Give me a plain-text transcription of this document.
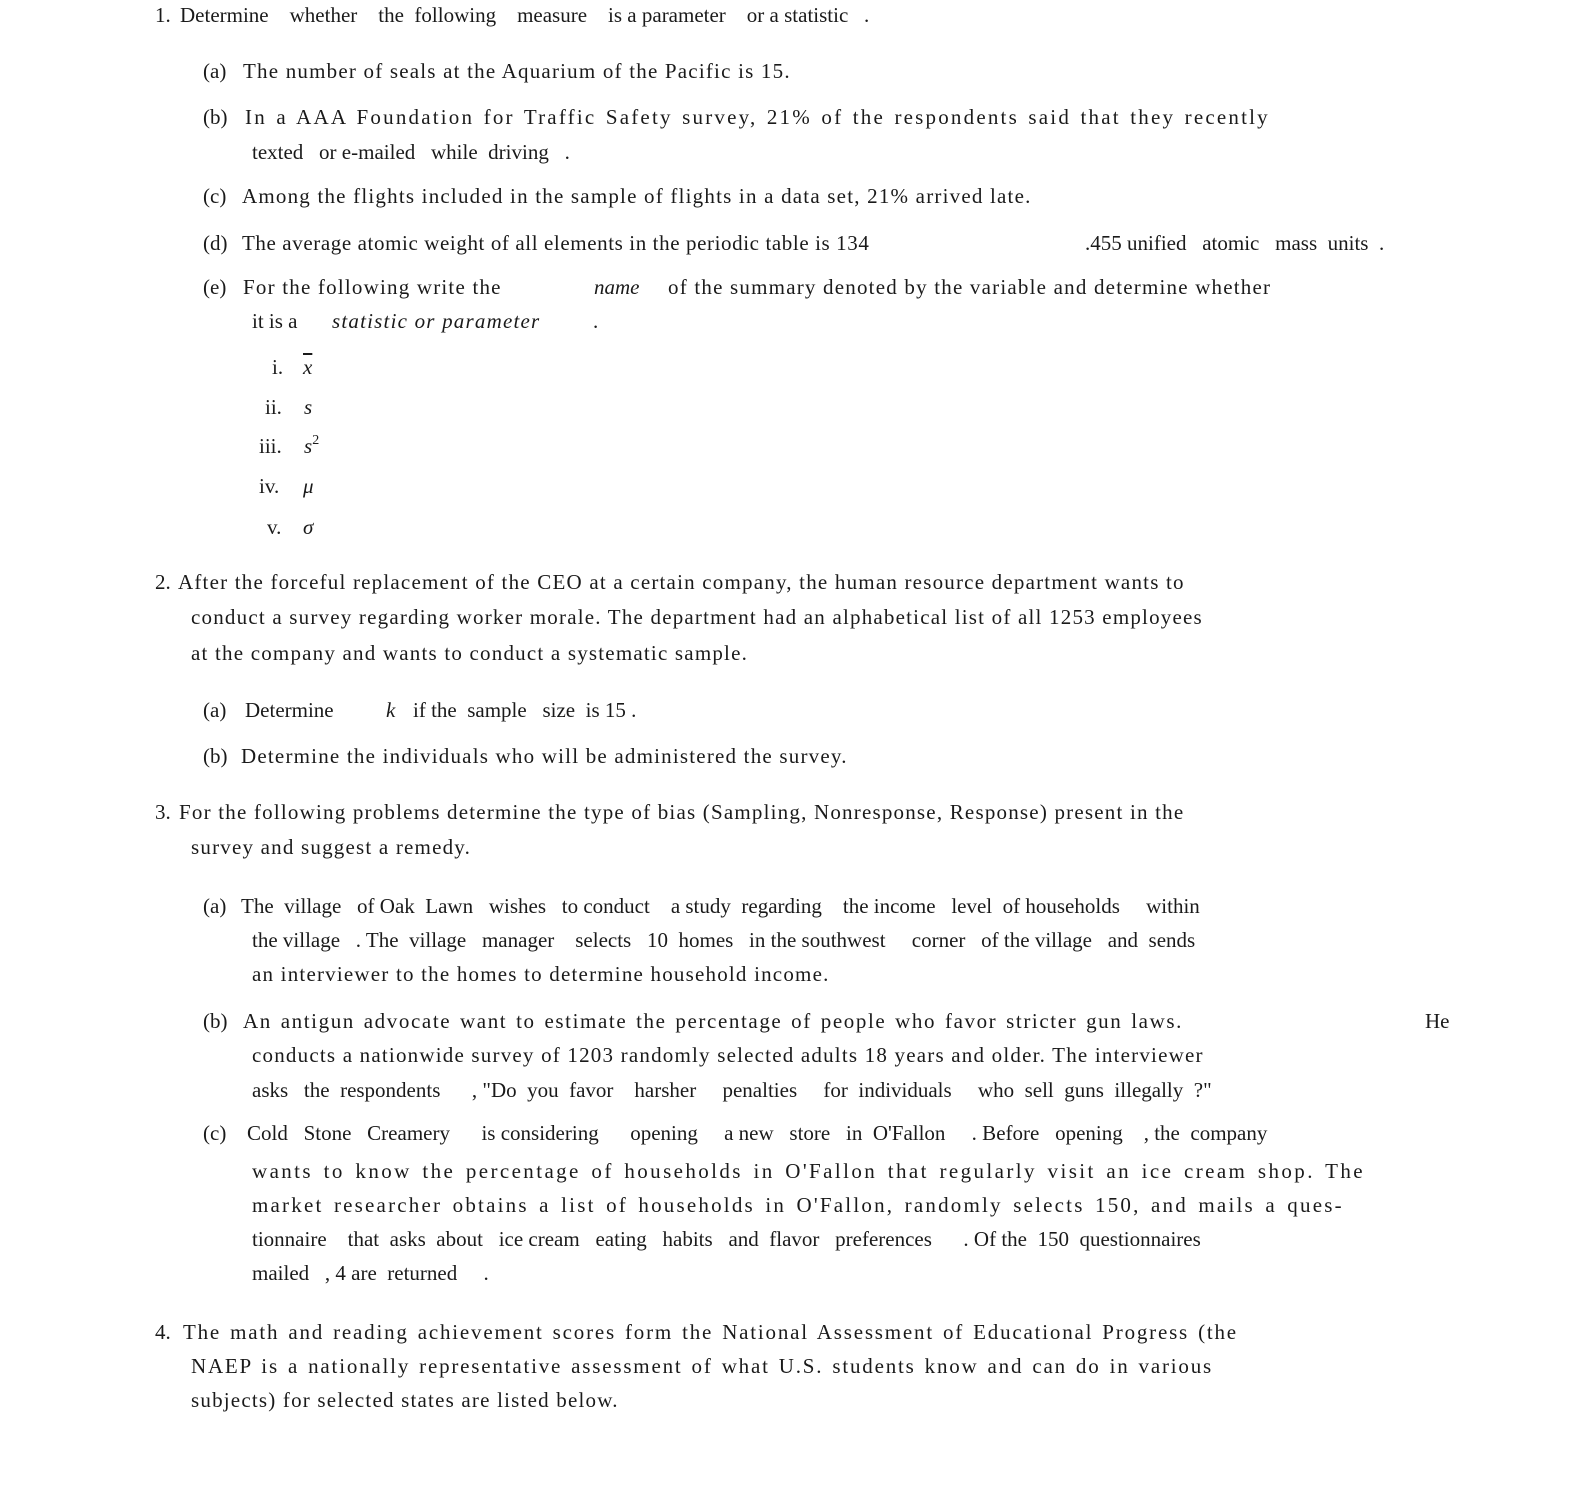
1. Determine    whether    the  following    measure    is a parameter    or a statistic   .
(a) The number of seals at the Aquarium of the Pacific is 15.
(b) In a AAA Foundation for Traffic Safety survey, 21% of the respondents said that they recently
texted   or e-mailed   while  driving   .
(c) Among the flights included in the sample of flights in a data set, 21% arrived late.
(d) The average atomic weight of all elements in the periodic table is 134	.455 unified   atomic   mass  units  .
(e) For the following write the	name of the summary denoted by the variable and determine whether
it is a statistic or parameter	.
i. $\overline{x}$
ii. s
iii. $s^2$
iv. μ
v. σ
2. After the forceful replacement of the CEO at a certain company, the human resource department wants to
conduct a survey regarding worker morale. The department had an alphabetical list of all 1253 employees
at the company and wants to conduct a systematic sample.
(a) Determine k if the  sample   size  is 15 .
(b) Determine the individuals who will be administered the survey.
3. For the following problems determine the type of bias (Sampling, Nonresponse, Response) present in the
survey and suggest a remedy.
(a) The  village   of Oak  Lawn   wishes   to conduct    a study  regarding    the income   level  of households     within
the village   . The  village   manager    selects   10  homes   in the southwest     corner   of the village   and  sends
an interviewer to the homes to determine household income.
(b) An antigun advocate want to estimate the percentage of people who favor stricter gun laws.	He
conducts a nationwide survey of 1203 randomly selected adults 18 years and older. The interviewer
asks   the  respondents      , "Do  you  favor    harsher     penalties     for  individuals     who  sell  guns  illegally  ?"
(c) Cold   Stone   Creamery      is considering      opening     a new   store   in  O'Fallon     . Before   opening    , the  company
wants to know the percentage of households in O'Fallon that regularly visit an ice cream shop. The
market researcher obtains a list of households in O'Fallon, randomly selects 150, and mails a ques-
tionnaire    that  asks  about   ice cream   eating   habits   and  flavor   preferences      . Of the  150  questionnaires
mailed   , 4 are  returned     .
4. The math and reading achievement scores form the National Assessment of Educational Progress (the
NAEP is a nationally representative assessment of what U.S. students know and can do in various
subjects) for selected states are listed below.
